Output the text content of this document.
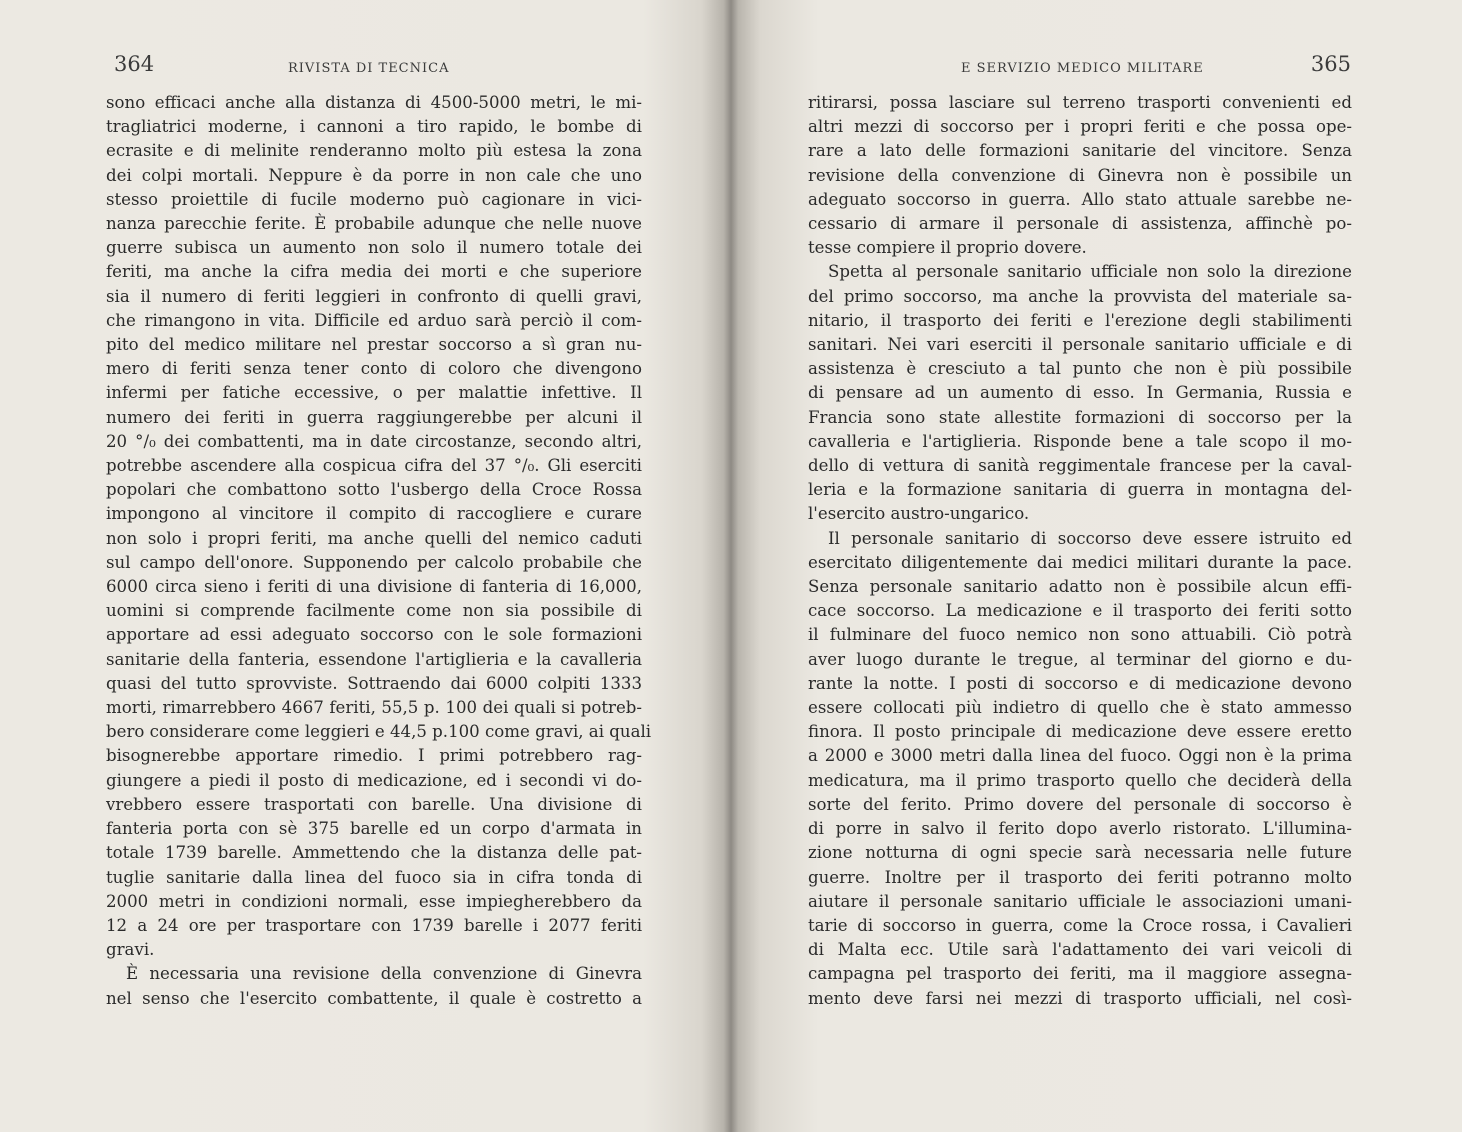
364	RIVISTA DI TECNICA
sono efficaci anche alla distanza di 4500-5000 metri, le mi-
tragliatrici moderne, i cannoni a tiro rapido, le bombe di
ecrasite e di melinite renderanno molto più estesa la zona
dei colpi mortali. Neppure è da porre in non cale che uno
stesso proiettile di fucile moderno può cagionare in vici-
nanza parecchie ferite. È probabile adunque che nelle nuove
guerre subisca un aumento non solo il numero totale dei
feriti, ma anche la cifra media dei morti e che superiore
sia il numero di feriti leggieri in confronto di quelli gravi,
che rimangono in vita. Difficile ed arduo sarà perciò il com-
pito del medico militare nel prestar soccorso a sì gran nu-
mero di feriti senza tener conto di coloro che divengono
infermi per fatiche eccessive, o per malattie infettive. Il
numero dei feriti in guerra raggiungerebbe per alcuni il
20 °/₀ dei combattenti, ma in date circostanze, secondo altri,
potrebbe ascendere alla cospicua cifra del 37 °/₀. Gli eserciti
popolari che combattono sotto l'usbergo della Croce Rossa
impongono al vincitore il compito di raccogliere e curare
non solo i propri feriti, ma anche quelli del nemico caduti
sul campo dell'onore. Supponendo per calcolo probabile che
6000 circa sieno i feriti di una divisione di fanteria di 16,000,
uomini si comprende facilmente come non sia possibile di
apportare ad essi adeguato soccorso con le sole formazioni
sanitarie della fanteria, essendone l'artiglieria e la cavalleria
quasi del tutto sprovviste. Sottraendo dai 6000 colpiti 1333
morti, rimarrebbero 4667 feriti, 55,5 p. 100 dei quali si potreb-
bero considerare come leggieri e 44,5 p.100 come gravi, ai quali
bisognerebbe apportare rimedio. I primi potrebbero rag-
giungere a piedi il posto di medicazione, ed i secondi vi do-
vrebbero essere trasportati con barelle. Una divisione di
fanteria porta con sè 375 barelle ed un corpo d'armata in
totale 1739 barelle. Ammettendo che la distanza delle pat-
tuglie sanitarie dalla linea del fuoco sia in cifra tonda di
2000 metri in condizioni normali, esse impiegherebbero da
12 a 24 ore per trasportare con 1739 barelle i 2077 feriti
gravi.
È necessaria una revisione della convenzione di Ginevra
nel senso che l'esercito combattente, il quale è costretto a
E SERVIZIO MEDICO MILITARE	365
ritirarsi, possa lasciare sul terreno trasporti convenienti ed
altri mezzi di soccorso per i propri feriti e che possa ope-
rare a lato delle formazioni sanitarie del vincitore. Senza
revisione della convenzione di Ginevra non è possibile un
adeguato soccorso in guerra. Allo stato attuale sarebbe ne-
cessario di armare il personale di assistenza, affinchè po-
tesse compiere il proprio dovere.
Spetta al personale sanitario ufficiale non solo la direzione
del primo soccorso, ma anche la provvista del materiale sa-
nitario, il trasporto dei feriti e l'erezione degli stabilimenti
sanitari. Nei vari eserciti il personale sanitario ufficiale e di
assistenza è cresciuto a tal punto che non è più possibile
di pensare ad un aumento di esso. In Germania, Russia e
Francia sono state allestite formazioni di soccorso per la
cavalleria e l'artiglieria. Risponde bene a tale scopo il mo-
dello di vettura di sanità reggimentale francese per la caval-
leria e la formazione sanitaria di guerra in montagna del-
l'esercito austro-ungarico.
Il personale sanitario di soccorso deve essere istruito ed
esercitato diligentemente dai medici militari durante la pace.
Senza personale sanitario adatto non è possibile alcun effi-
cace soccorso. La medicazione e il trasporto dei feriti sotto
il fulminare del fuoco nemico non sono attuabili. Ciò potrà
aver luogo durante le tregue, al terminar del giorno e du-
rante la notte. I posti di soccorso e di medicazione devono
essere collocati più indietro di quello che è stato ammesso
finora. Il posto principale di medicazione deve essere eretto
a 2000 e 3000 metri dalla linea del fuoco. Oggi non è la prima
medicatura, ma il primo trasporto quello che deciderà della
sorte del ferito. Primo dovere del personale di soccorso è
di porre in salvo il ferito dopo averlo ristorato. L'illumina-
zione notturna di ogni specie sarà necessaria nelle future
guerre. Inoltre per il trasporto dei feriti potranno molto
aiutare il personale sanitario ufficiale le associazioni umani-
tarie di soccorso in guerra, come la Croce rossa, i Cavalieri
di Malta ecc. Utile sarà l'adattamento dei vari veicoli di
campagna pel trasporto dei feriti, ma il maggiore assegna-
mento deve farsi nei mezzi di trasporto ufficiali, nel così-
